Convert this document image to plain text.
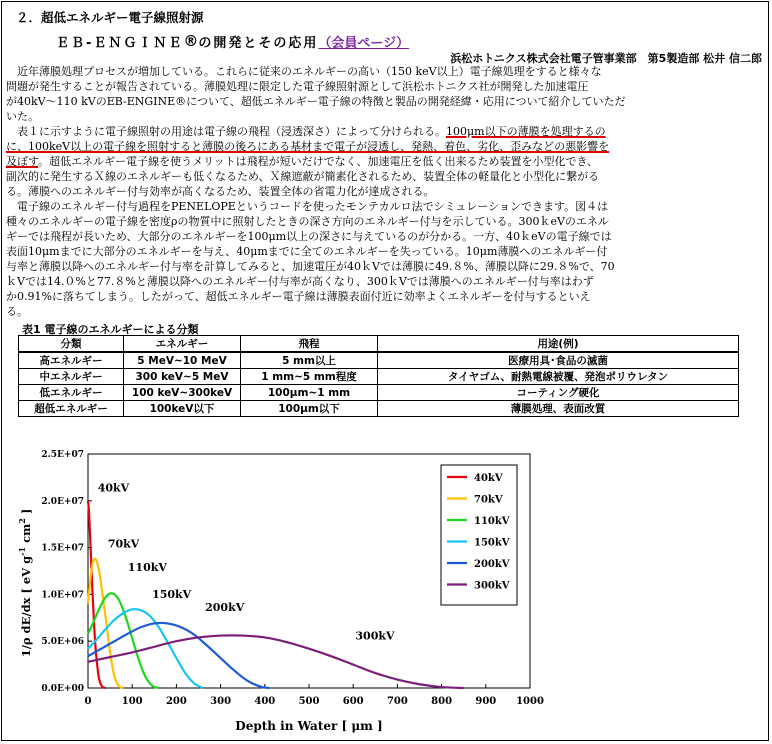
２．超低エネルギー電子線照射源
ＥＢ-ＥＮＧＩＮＥ®の開発とその応用（会員ページ）
浜松ホトニクス株式会社電子管事業部　第5製造部 松井 信二郎
　近年薄膜処理プロセスが増加している。これらに従来のエネルギーの高い（150 keV以上）電子線処理をすると様々な
問題が発生することが報告されている。薄膜処理に限定した電子線照射源として浜松ホトニクス社が開発した加速電圧
が40kV～110 kVのEB-ENGINE®について、超低エネルギー電子線の特徴と製品の開発経緯・応用について紹介していただ
いた。
　表１に示すように電子線照射の用途は電子線の飛程（浸透深さ）によって分けられる。100μm以下の薄膜を処理するの
に、100keV以上の電子線を照射すると薄膜の後ろにある基材まで電子が浸透し、発熱、着色、劣化、歪みなどの悪影響を
及ぼす。超低エネルギー電子線を使うメリットは飛程が短いだけでなく、加速電圧を低く出来るため装置を小型化でき、
副次的に発生するＸ線のエネルギーも低くなるため、Ｘ線遮蔽が簡素化されるため、装置全体の軽量化と小型化に繋がる
る。薄膜へのエネルギー付与効率が高くなるため、装置全体の省電力化が達成される。
　電子線のエネルギー付与過程をPENELOPEというコードを使ったモンテカルロ法でシミュレーションできます。図４は
種々のエネルギーの電子線を密度ρの物質中に照射したときの深さ方向のエネルギー付与を示している。300ｋeVのエネル
ギーでは飛程が長いため、大部分のエネルギーを100μm以上の深さに与えているのが分かる。一方、40ｋeVの電子線では
表面10μmまでに大部分のエネルギーを与え、40μmまでに全てのエネルギーを失っている。10μm薄膜へのエネルギー付
与率と薄膜以降へのエネルギー付与率を計算してみると、加速電圧が40ｋVでは薄膜に49.８%、薄膜以降に29.８%で、70
ｋVでは14.０%と77.８%と薄膜以降へのエネルギー付与率が高くなり、300ｋVでは薄膜へのエネルギー付与率はわず
か0.91%に落ちてしまう。したがって、超低エネルギー電子線は薄膜表面付近に効率よくエネルギーを付与するといえ
る。
表1 電子線のエネルギーによる分類
分類	エネルギー	飛程	用途(例)
高エネルギー	5 MeV~10 MeV	5 mm以上	医療用具･食品の滅菌
中エネルギー	300 keV~5 MeV	1 mm~5 mm程度	タイヤゴム、耐熱電線被覆、発泡ポリウレタン
低エネルギー	100 keV~300keV	100μm~1 mm	コーティング硬化
超低エネルギー	100keV以下	100μm以下	薄膜処理、表面改質
0.0E+00
5.0E+06
1.0E+07
1.5E+07
2.0E+07
2.5E+07
0	100 200 300 400 500 600 700 800 900 1000
40kV
70kV
110kV
150kV
200kV
300kV
40kV
70kV
110kV
150kV
200kV
300kV
Depth in Water [ μm ]
1/ρ dE/dx [ eV $g^{-1}$ $cm^2$ ]
